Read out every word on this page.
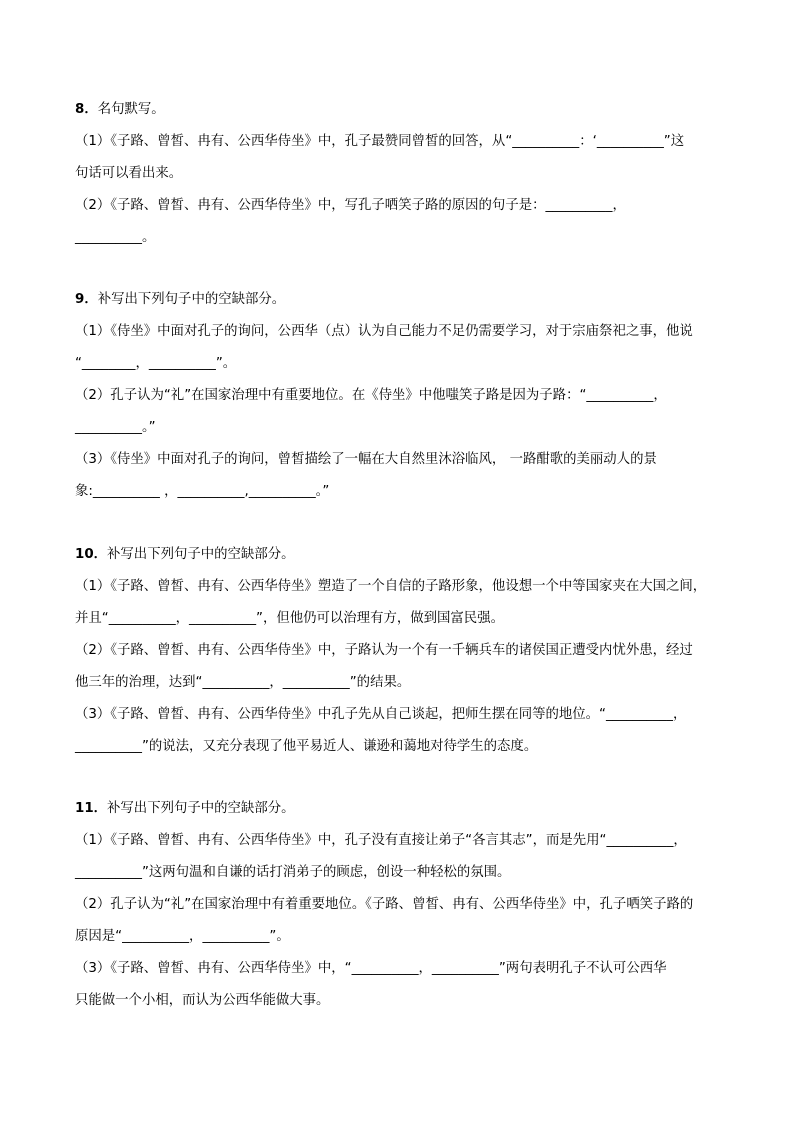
8．名句默写。
（1）《子路、曾皙、冉有、公西华侍坐》中，孔子最赞同曾皙的回答，从“__________：‘__________”这
句话可以看出来。
（2）《子路、曾皙、冉有、公西华侍坐》中，写孔子哂笑子路的原因的句子是：__________，
__________。
9．补写出下列句子中的空缺部分。
（1）《侍坐》中面对孔子的询问，公西华（点）认为自己能力不足仍需要学习，对于宗庙祭祀之事，他说
“________，__________”。
（2）孔子认为“礼”在国家治理中有重要地位。在《侍坐》中他嗤笑子路是因为子路：“__________，
__________。”
（3）《侍坐》中面对孔子的询问，曾皙描绘了一幅在大自然里沐浴临风， 一路酣歌的美丽动人的景
象:__________ ，__________,__________。”
10．补写出下列句子中的空缺部分。
（1）《子路、曾皙、冉有、公西华侍坐》塑造了一个自信的子路形象，他设想一个中等国家夹在大国之间，
并且“__________，__________”，但他仍可以治理有方，做到国富民强。
（2）《子路、曾皙、冉有、公西华侍坐》中，子路认为一个有一千辆兵车的诸侯国正遭受内忧外患，经过
他三年的治理，达到“__________，__________”的结果。
（3）《子路、曾皙、冉有、公西华侍坐》中孔子先从自己谈起，把师生摆在同等的地位。“__________，
__________”的说法，又充分表现了他平易近人、谦逊和蔼地对待学生的态度。
11．补写出下列句子中的空缺部分。
（1）《子路、曾皙、冉有、公西华侍坐》中，孔子没有直接让弟子“各言其志”，而是先用“__________，
__________”这两句温和自谦的话打消弟子的顾虑，创设一种轻松的氛围。
（2）孔子认为“礼”在国家治理中有着重要地位。《子路、曾皙、冉有、公西华侍坐》中，孔子哂笑子路的
原因是“__________，__________”。
（3）《子路、曾皙、冉有、公西华侍坐》中，“__________，__________”两句表明孔子不认可公西华
只能做一个小相，而认为公西华能做大事。
